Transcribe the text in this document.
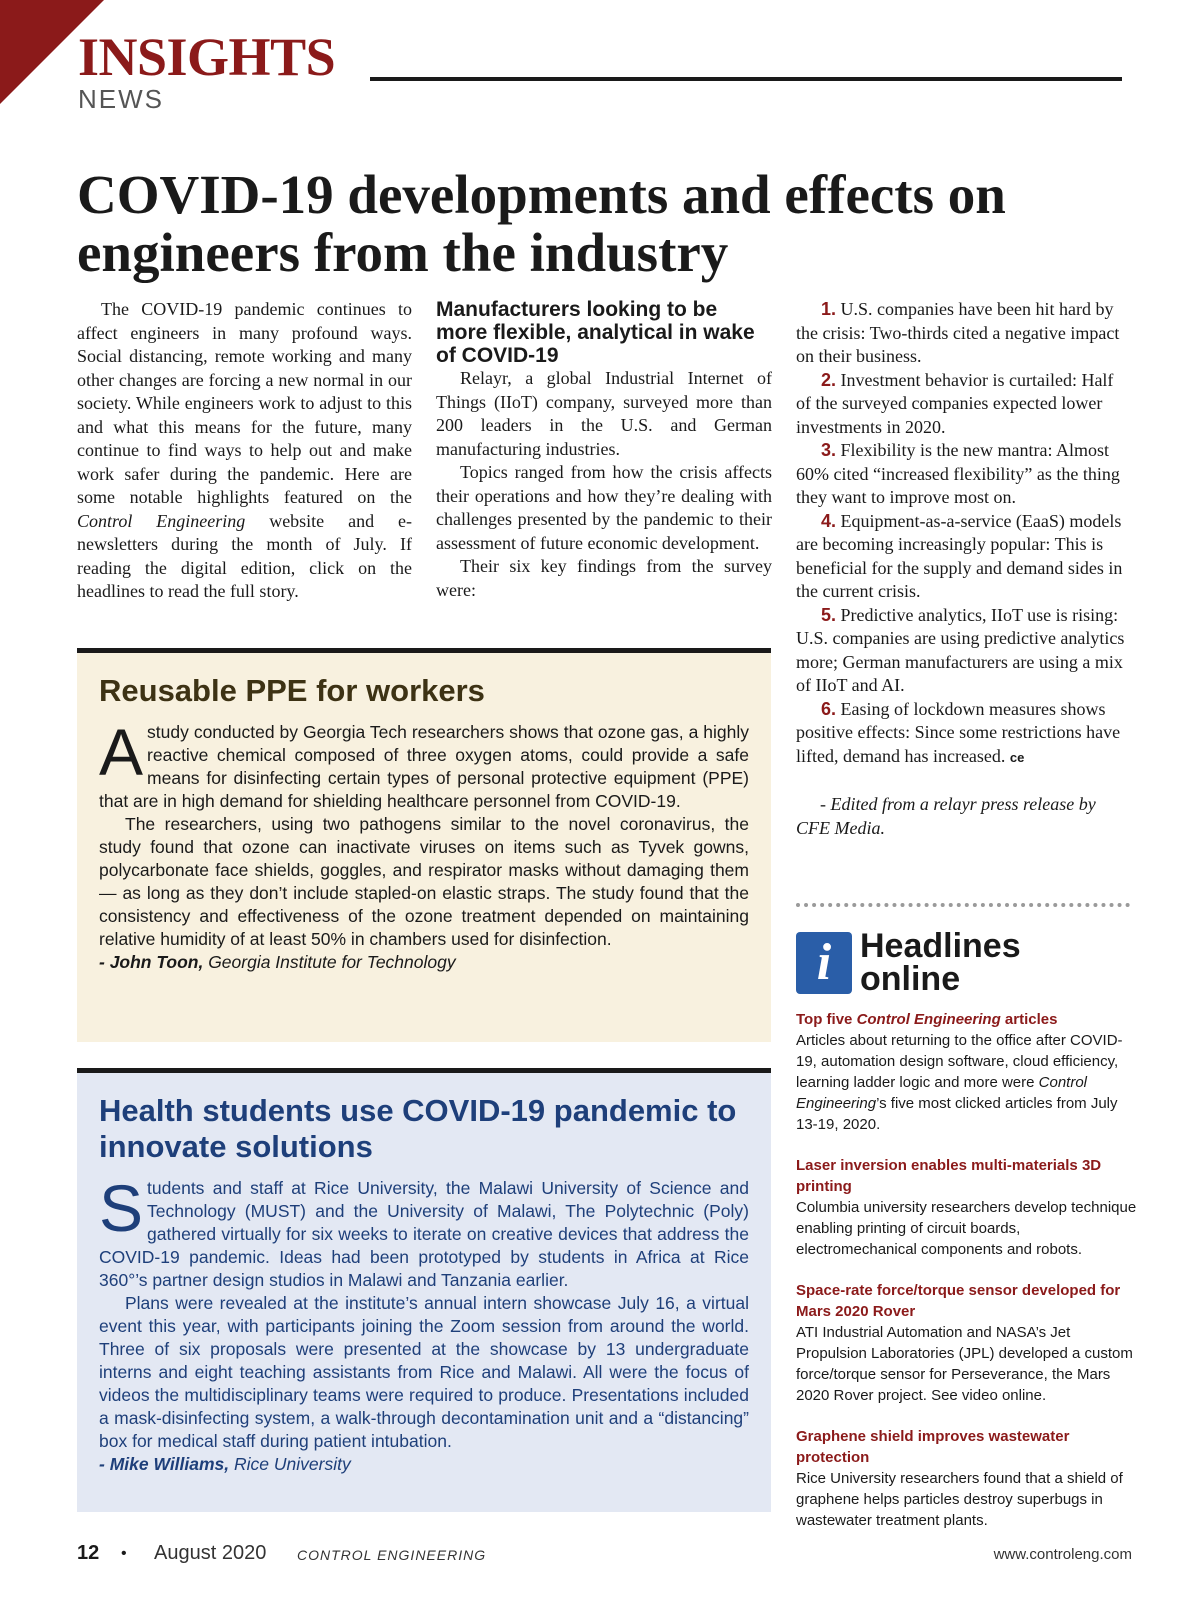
INSIGHTS
NEWS
COVID-19 developments and effects on engineers from the industry

The COVID-19 pandemic continues to affect engineers in many profound ways. Social distancing, remote working and many other changes are forcing a new normal in our society. While engineers work to adjust to this and what this means for the future, many continue to find ways to help out and make work safer during the pandemic. Here are some notable highlights featured on the Control Engineering website and e-newsletters during the month of July. If reading the digital edition, click on the headlines to read the full story.

Manufacturers looking to be more flexible, analytical in wake of COVID-19

Relayr, a global Industrial Internet of Things (IIoT) company, surveyed more than 200 leaders in the U.S. and German manufacturing industries.

Topics ranged from how the crisis affects their operations and how they’re dealing with challenges presented by the pandemic to their assessment of future economic development.

Their six key findings from the survey were:

1. U.S. companies have been hit hard by the crisis: Two-thirds cited a negative impact on their business.

2. Investment behavior is curtailed: Half of the surveyed companies expected lower investments in 2020.

3. Flexibility is the new mantra: Almost 60% cited “increased flexibility” as the thing they want to improve most on.

4. Equipment-as-a-service (EaaS) models are becoming increasingly popular: This is beneficial for the supply and demand sides in the current crisis.

5. Predictive analytics, IIoT use is rising: U.S. companies are using predictive analytics more; German manufacturers are using a mix of IIoT and AI.

6. Easing of lockdown measures shows positive effects: Since some restrictions have lifted, demand has increased. ce

- Edited from a relayr press release by CFE Media.

Reusable PPE for workers

A study conducted by Georgia Tech researchers shows that ozone gas, a highly reactive chemical composed of three oxygen atoms, could provide a safe means for disinfecting certain types of personal protective equipment (PPE) that are in high demand for shielding healthcare personnel from COVID-19.

The researchers, using two pathogens similar to the novel coronavirus, the study found that ozone can inactivate viruses on items such as Tyvek gowns, polycarbonate face shields, goggles, and respirator masks without damaging them — as long as they don’t include stapled-on elastic straps. The study found that the consistency and effectiveness of the ozone treatment depended on maintaining relative humidity of at least 50% in chambers used for disinfection.

- John Toon, Georgia Institute for Technology

Health students use COVID-19 pandemic to innovate solutions

Students and staff at Rice University, the Malawi University of Science and Technology (MUST) and the University of Malawi, The Polytechnic (Poly) gathered virtually for six weeks to iterate on creative devices that address the COVID-19 pandemic. Ideas had been prototyped by students in Africa at Rice 360°’s partner design studios in Malawi and Tanzania earlier.

Plans were revealed at the institute’s annual intern showcase July 16, a virtual event this year, with participants joining the Zoom session from around the world. Three of six proposals were presented at the showcase by 13 undergraduate interns and eight teaching assistants from Rice and Malawi. All were the focus of videos the multidisciplinary teams were required to produce. Presentations included a mask-disinfecting system, a walk-through decontamination unit and a “distancing” box for medical staff during patient intubation.

- Mike Williams, Rice University

i Headlines
online
Top five Control Engineering articles

Articles about returning to the office after COVID-19, automation design software, cloud efficiency, learning ladder logic and more were Control Engineering’s five most clicked articles from July 13-19, 2020.

Laser inversion enables multi-materials 3D printing

Columbia university researchers develop technique enabling printing of circuit boards, electromechanical components and robots.

Space-rate force/torque sensor developed for Mars 2020 Rover

ATI Industrial Automation and NASA’s Jet Propulsion Laboratories (JPL) developed a custom force/torque sensor for Perseverance, the Mars 2020 Rover project. See video online.

Graphene shield improves wastewater protection

Rice University researchers found that a shield of graphene helps particles destroy superbugs in wastewater treatment plants.

12 • August 2020 CONTROL ENGINEERING	www.controleng.com
